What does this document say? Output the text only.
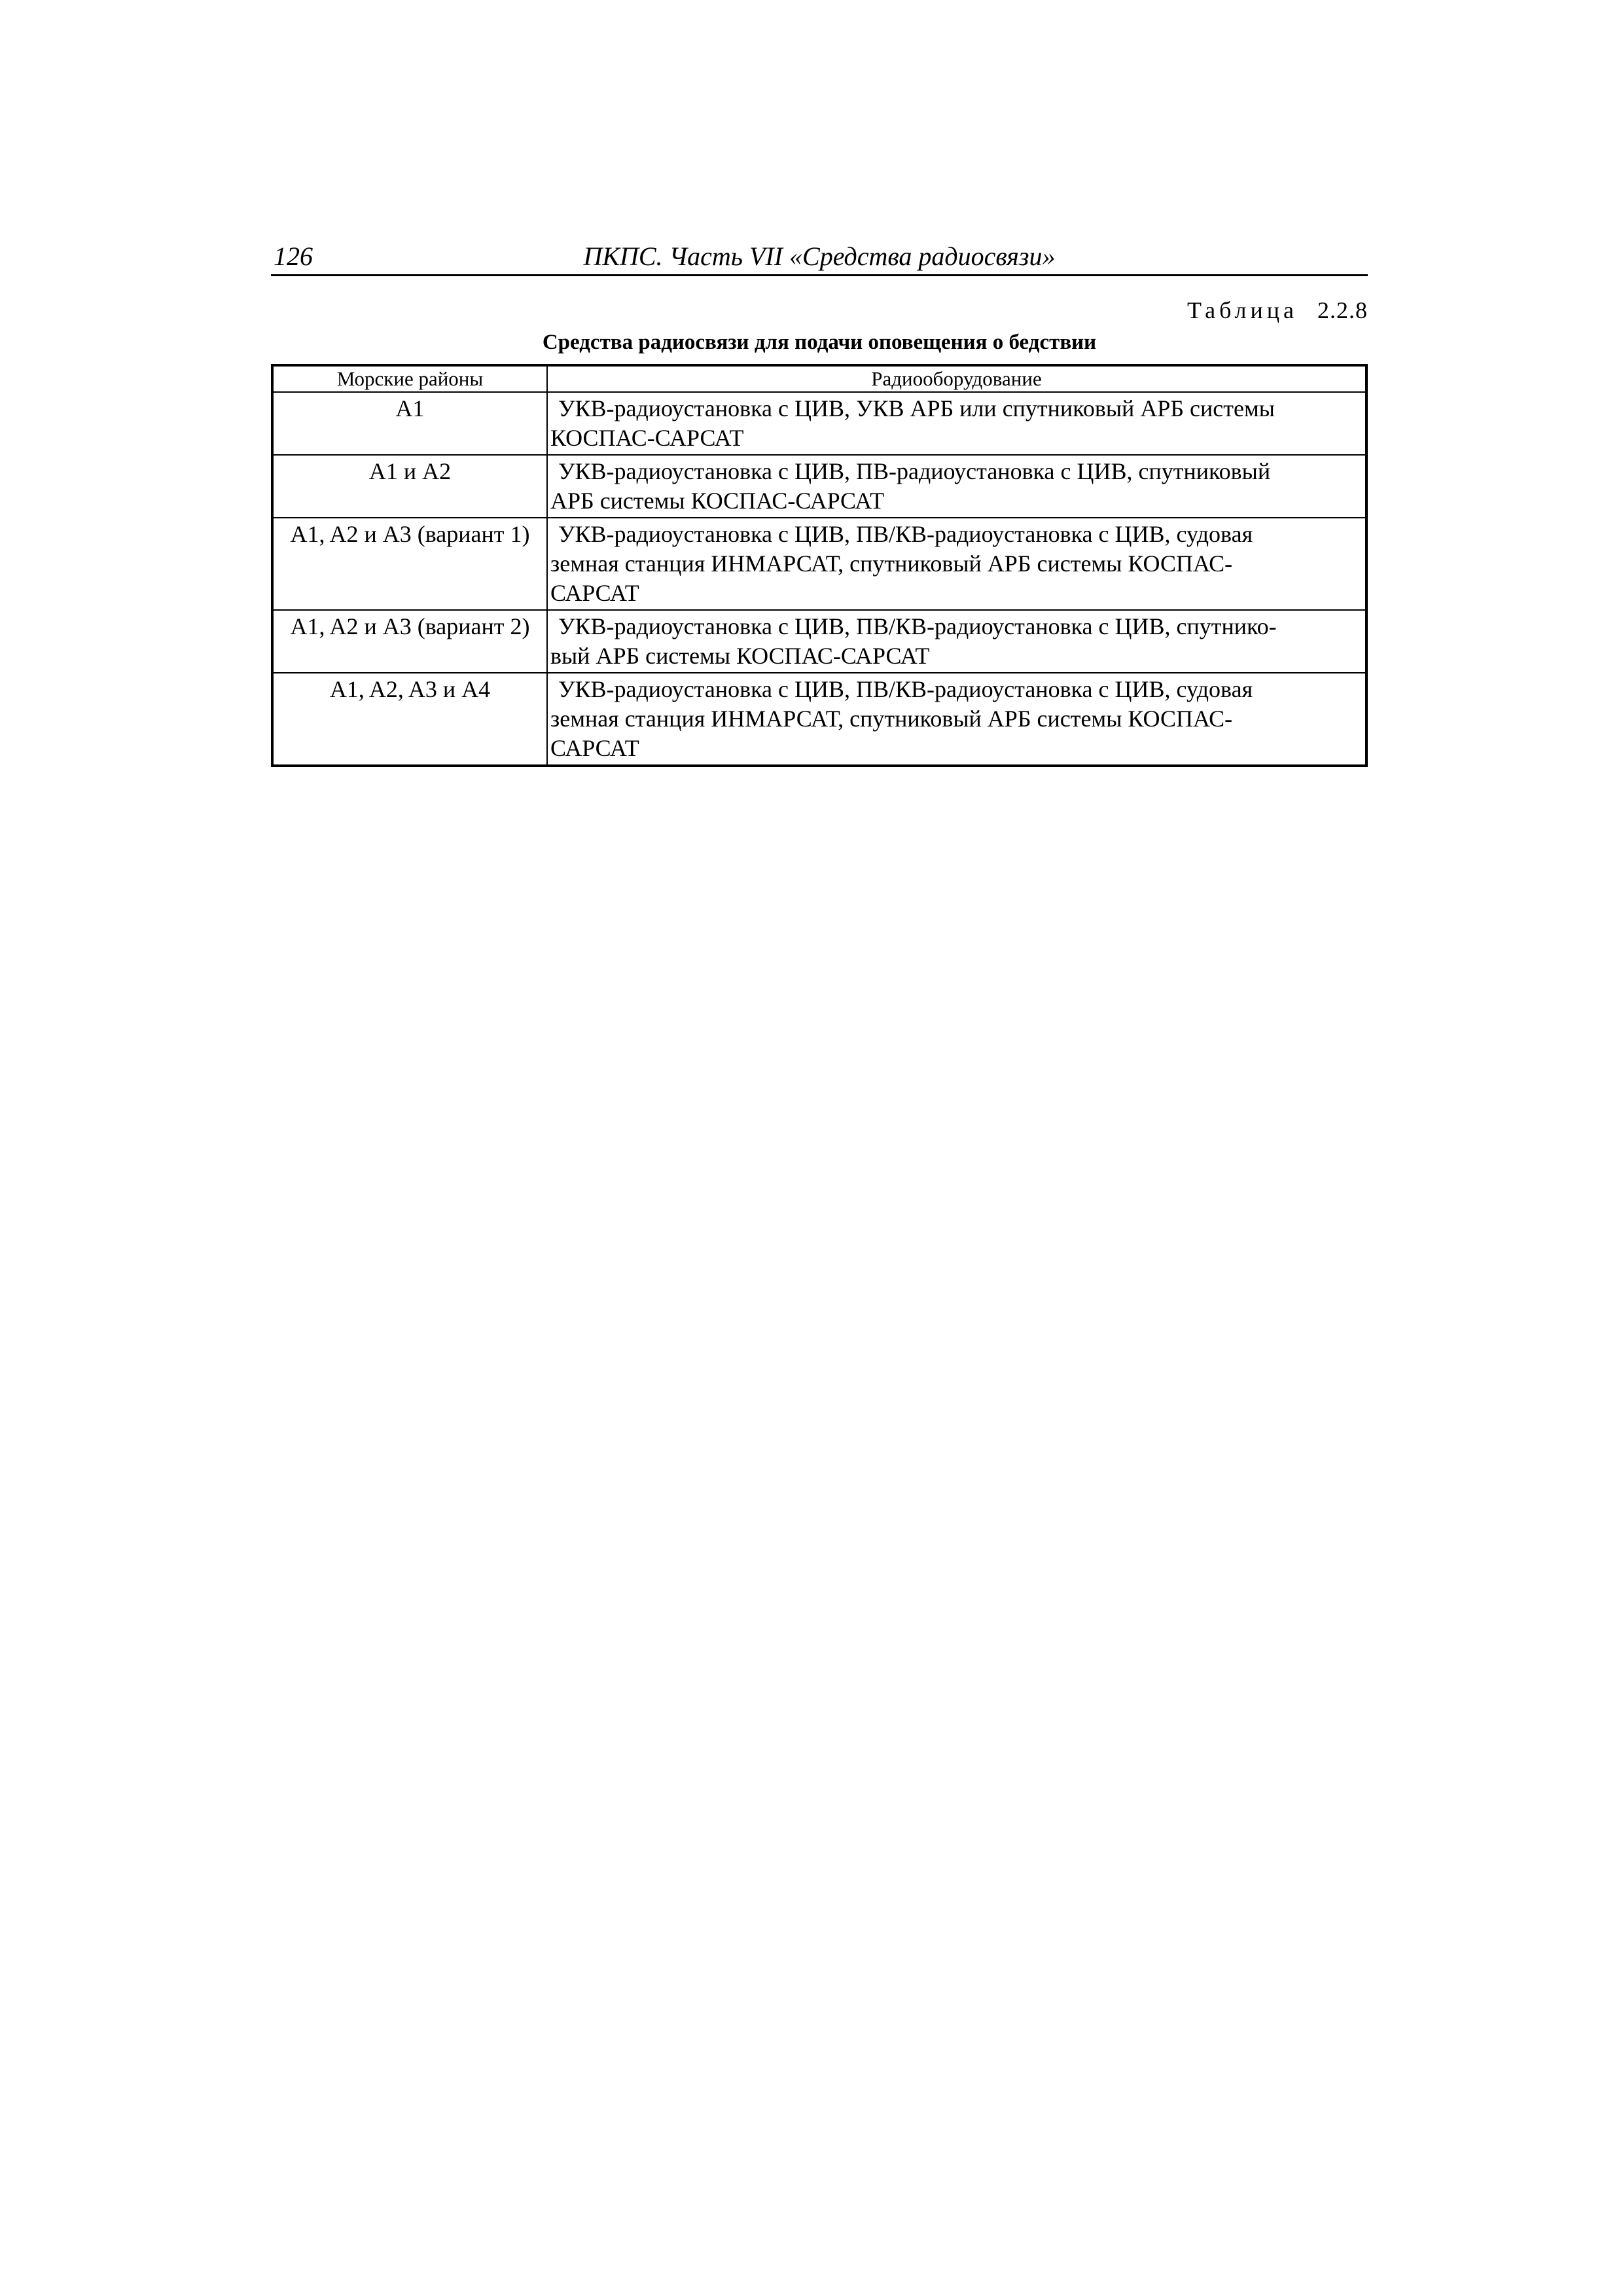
126	ПКПС. Часть VII «Средства радиосвязи»
Таблица 2.2.8
Средства радиосвязи для подачи оповещения о бедствии
Морские районы	Радиооборудование
A1	УКВ-радиоустановка с ЦИВ, УКВ АРБ или спутниковый АРБ системы
КОСПАС-САРСАТ

A1 и A2	УКВ-радиоустановка с ЦИВ, ПВ-радиоустановка с ЦИВ, спутниковый
АРБ системы КОСПАС-САРСАТ

A1, A2 и A3 (вариант 1)	УКВ-радиоустановка с ЦИВ, ПВ/КВ-радиоустановка с ЦИВ, судовая
земная станция ИНМАРСАТ, спутниковый АРБ системы КОСПАС-
САРСАТ

A1, A2 и A3 (вариант 2)	УКВ-радиоустановка с ЦИВ, ПВ/КВ-радиоустановка с ЦИВ, спутнико-
вый АРБ системы КОСПАС-САРСАТ

A1, A2, A3 и A4	УКВ-радиоустановка с ЦИВ, ПВ/КВ-радиоустановка с ЦИВ, судовая
земная станция ИНМАРСАТ, спутниковый АРБ системы КОСПАС-
САРСАТ
